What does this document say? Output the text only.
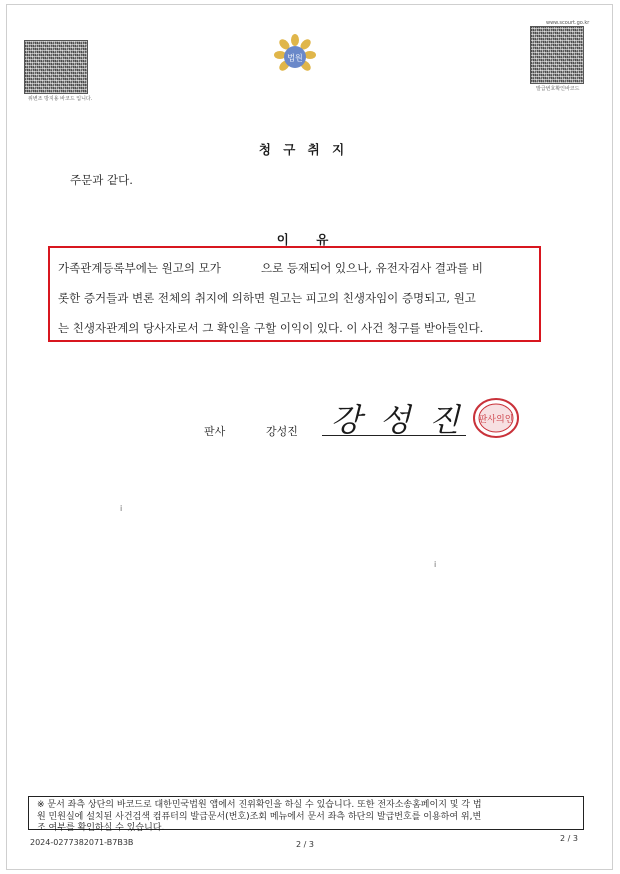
위변조 방지용 바코드 입니다.
www.scourt.go.kr
발급번호확인바코드
법원
청 구 취 지
주문과 같다.
이    유
가족관계등록부에는 원고의 모가           으로 등재되어 있으나, 유전자검사 결과를 비
롯한 증거들과 변론 전체의 취지에 의하면 원고는 피고의 친생자임이 증명되고, 원고
는 친생자관계의 당사자로서 그 확인을 구할 이익이 있다. 이 사건 청구를 받아들인다.
판사	강성진 강 성 진 판사의인
i
i
※ 문서 좌측 상단의 바코드로 대한민국법원 앱에서 진위확인을 하실 수 있습니다. 또한 전자소송홈페이지 및 각 법
원 민원실에 설치된 사건검색 컴퓨터의 발급문서(번호)조회 메뉴에서 문서 좌측 하단의 발급번호를 이용하여 위,변
조 여부를 확인하실 수 있습니다.
2024-0277382071-B7B3B	2 / 3
2 / 3
